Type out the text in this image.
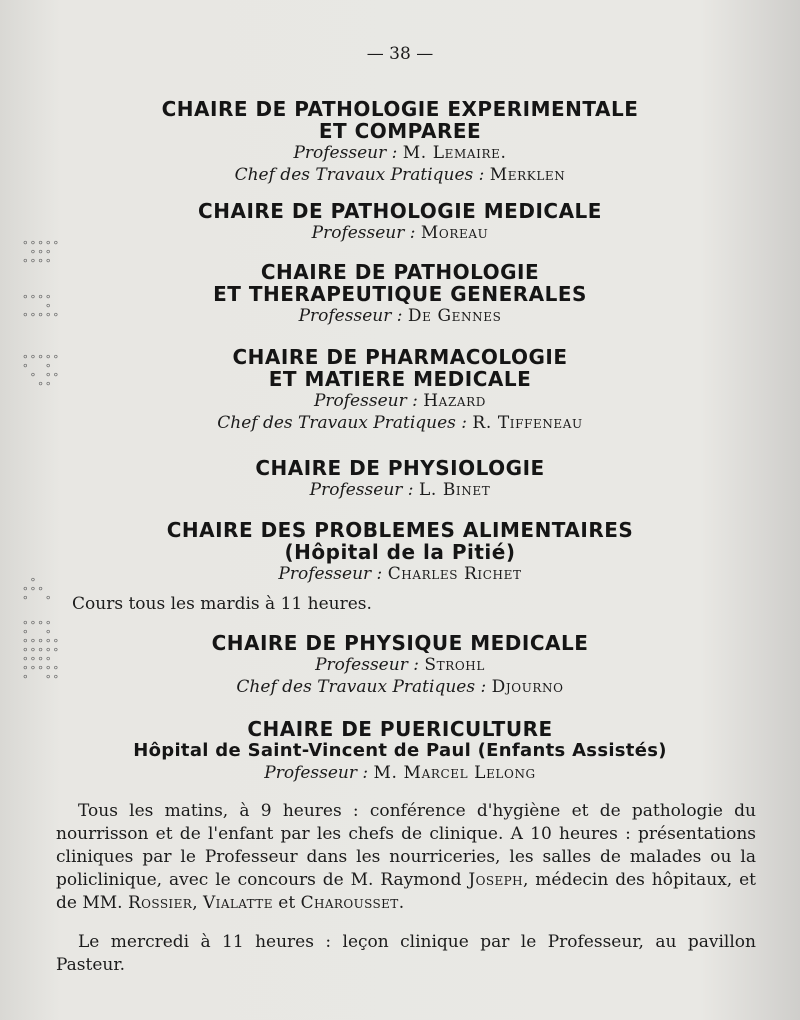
∘∘∘∘∘
∘∘∘
∘∘∘∘
∘∘∘∘
∘
∘∘∘∘∘
∘∘∘∘∘
∘  ∘
∘ ∘∘
∘∘
∘
∘∘∘
∘  ∘
∘∘∘∘
∘  ∘
∘∘∘∘∘
∘∘∘∘∘
∘∘∘∘
∘∘∘∘∘
∘  ∘∘
— 38 —
CHAIRE DE PATHOLOGIE EXPERIMENTALE
ET COMPAREE
Professeur : M. Lemaire.
Chef des Travaux Pratiques : Merklen
CHAIRE DE PATHOLOGIE MEDICALE
Professeur : Moreau
CHAIRE DE PATHOLOGIE
ET THERAPEUTIQUE GENERALES
Professeur : De Gennes
CHAIRE DE PHARMACOLOGIE
ET MATIERE MEDICALE
Professeur : Hazard
Chef des Travaux Pratiques : R. Tiffeneau
CHAIRE DE PHYSIOLOGIE
Professeur : L. Binet
CHAIRE DES PROBLEMES ALIMENTAIRES
(Hôpital de la Pitié)
Professeur : Charles Richet
Cours tous les mardis à 11 heures.
CHAIRE DE PHYSIQUE MEDICALE
Professeur : Strohl
Chef des Travaux Pratiques : Djourno
CHAIRE DE PUERICULTURE
Hôpital de Saint-Vincent de Paul (Enfants Assistés)
Professeur : M. Marcel Lelong
Tous les matins, à 9 heures : conférence d'hygiène et de pathologie du nourrisson et de l'enfant par les chefs de clinique. A 10 heures : présentations cliniques par le Professeur dans les nourriceries, les salles de malades ou la policlinique, avec le concours de M. Raymond Joseph, médecin des hôpitaux, et de MM. Rossier, Vialatte et Charousset.
Le mercredi à 11 heures : leçon clinique par le Professeur, au pavillon Pasteur.
